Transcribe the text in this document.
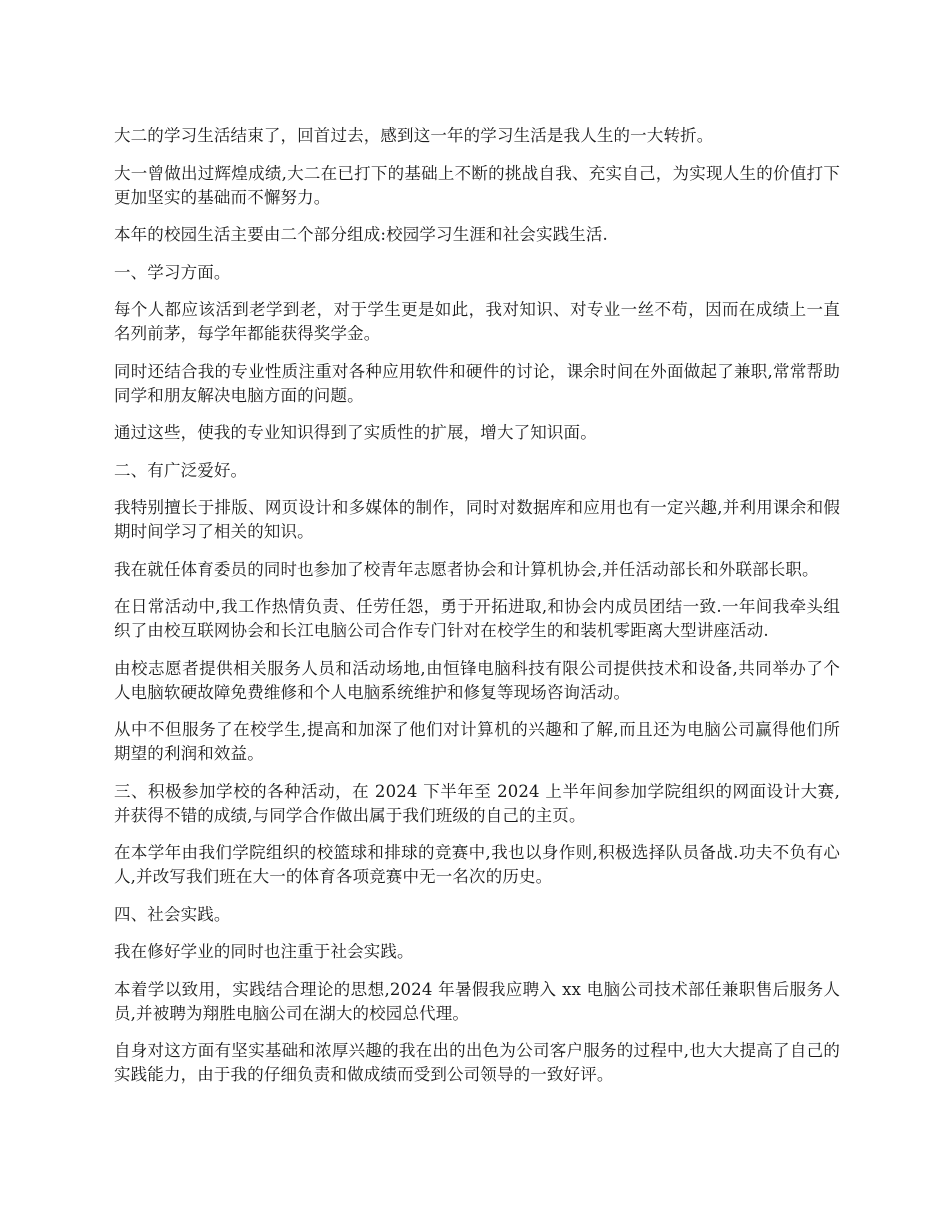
大二的学习生活结束了，回首过去，感到这一年的学习生活是我人生的一大转折。

大一曾做出过辉煌成绩,大二在已打下的基础上不断的挑战自我、充实自己，为实现人生的价值打下更加坚实的基础而不懈努力。

本年的校园生活主要由二个部分组成:校园学习生涯和社会实践生活.

一、学习方面。

每个人都应该活到老学到老，对于学生更是如此，我对知识、对专业一丝不苟，因而在成绩上一直名列前茅，每学年都能获得奖学金。

同时还结合我的专业性质注重对各种应用软件和硬件的讨论，课余时间在外面做起了兼职,常常帮助同学和朋友解决电脑方面的问题。

通过这些，使我的专业知识得到了实质性的扩展，增大了知识面。

二、有广泛爱好。

我特别擅长于排版、网页设计和多媒体的制作，同时对数据库和应用也有一定兴趣,并利用课余和假期时间学习了相关的知识。

我在就任体育委员的同时也参加了校青年志愿者协会和计算机协会,并任活动部长和外联部长职。

在日常活动中,我工作热情负责、任劳任怨，勇于开拓进取,和协会内成员团结一致.一年间我牵头组织了由校互联网协会和长江电脑公司合作专门针对在校学生的和装机零距离大型讲座活动.

由校志愿者提供相关服务人员和活动场地,由恒锋电脑科技有限公司提供技术和设备,共同举办了个人电脑软硬故障免费维修和个人电脑系统维护和修复等现场咨询活动。

从中不但服务了在校学生,提高和加深了他们对计算机的兴趣和了解,而且还为电脑公司赢得他们所期望的利润和效益。

三、积极参加学校的各种活动，在 2024 下半年至 2024 上半年间参加学院组织的网面设计大赛,并获得不错的成绩,与同学合作做出属于我们班级的自己的主页。

在本学年由我们学院组织的校篮球和排球的竞赛中,我也以身作则,积极选择队员备战.功夫不负有心人,并改写我们班在大一的体育各项竞赛中无一名次的历史。

四、社会实践。

我在修好学业的同时也注重于社会实践。

本着学以致用，实践结合理论的思想,2024 年暑假我应聘入 xx 电脑公司技术部任兼职售后服务人员,并被聘为翔胜电脑公司在湖大的校园总代理。

自身对这方面有坚实基础和浓厚兴趣的我在出的出色为公司客户服务的过程中,也大大提高了自己的实践能力，由于我的仔细负责和做成绩而受到公司领导的一致好评。
